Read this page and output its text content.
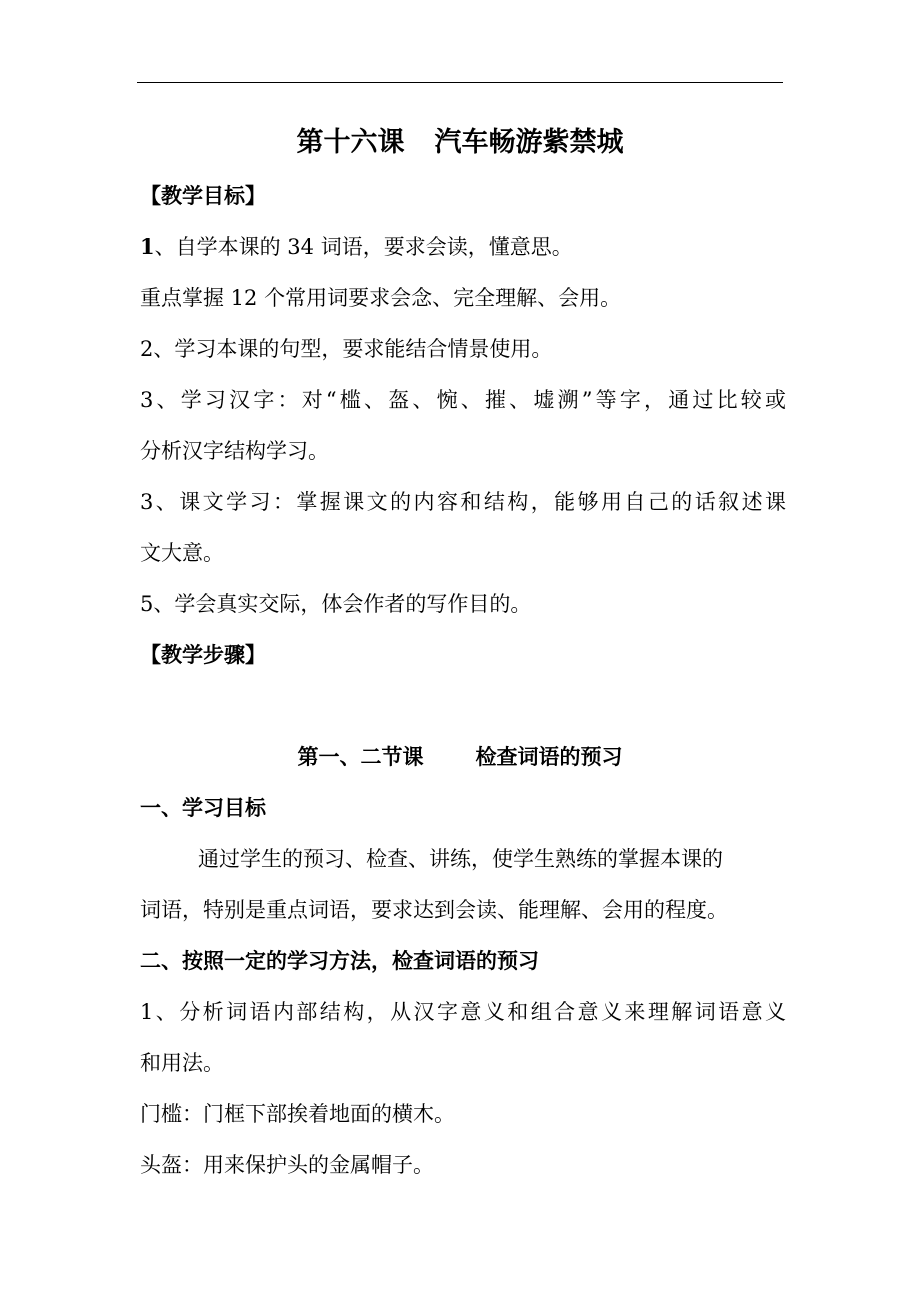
第十六课 汽车畅游紫禁城
【教学目标】
1、自学本课的 34 词语，要求会读，懂意思。
重点掌握 12 个常用词要求会念、完全理解、会用。
2、学习本课的句型，要求能结合情景使用。
3、学习汉字：对“槛、盔、惋、摧、墟溯”等字，通过比较或
分析汉字结构学习。
3、课文学习：掌握课文的内容和结构，能够用自己的话叙述课
文大意。
5、学会真实交际，体会作者的写作目的。
【教学步骤】
第一、二节课 检查词语的预习
一、学习目标
通过学生的预习、检查、讲练，使学生熟练的掌握本课的
词语，特别是重点词语，要求达到会读、能理解、会用的程度。
二、按照一定的学习方法，检查词语的预习
1、分析词语内部结构，从汉字意义和组合意义来理解词语意义
和用法。
门槛：门框下部挨着地面的横木。
头盔：用来保护头的金属帽子。
